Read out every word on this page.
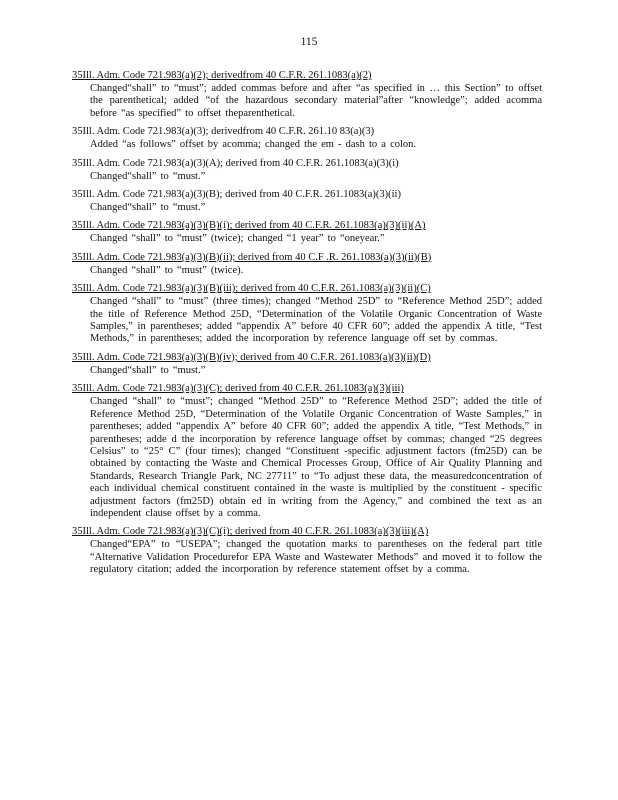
115
35Ill. Adm. Code 721.983(a)(2); derivedfrom 40 C.F.R. 261.1083(a)(2)
Changed“shall” to “must”; added commas before and after “as specified in … this Section” to offset the parenthetical; added “of the hazardous secondary material”after “knowledge”; added acomma before “as specified” to offset theparenthetical.
35Ill. Adm. Code 721.983(a)(3); derivedfrom 40 C.F.R. 261.10 83(a)(3)
Added “as follows” offset by acomma; changed the em - dash to a colon.
35Ill. Adm. Code 721.983(a)(3)(A); derived from 40 C.F.R. 261.1083(a)(3)(i)
Changed“shall” to “must.”
35Ill. Adm. Code 721.983(a)(3)(B); derived from 40 C.F.R. 261.1083(a)(3)(ii)
Changed“shall” to “must.”
35Ill. Adm. Code 721.983(a)(3)(B)(i); derived from 40 C.F.R. 261.1083(a)(3)(ii)(A)
Changed “shall” to “must” (twice); changed “1 year” to “oneyear.”
35Ill. Adm. Code 721.983(a)(3)(B)(ii); derived from 40 C.F .R. 261.1083(a)(3)(ii)(B)
Changed “shall” to “must” (twice).
35Ill. Adm. Code 721.983(a)(3)(B)(iii); derived from 40 C.F.R. 261.1083(a)(3)(ii)(C)
Changed “shall” to “must” (three times); changed “Method 25D” to “Reference Method 25D”; added the title of Reference Method 25D, “Determination of the Volatile Organic Concentration of Waste Samples,” in parentheses; added “appendix A” before 40 CFR 60”; added the appendix A title, “Test Methods,” in parentheses; added the incorporation by reference language off set by commas.
35Ill. Adm. Code 721.983(a)(3)(B)(iv); derived from 40 C.F.R. 261.1083(a)(3)(ii)(D)
Changed“shall” to “must.”
35Ill. Adm. Code 721.983(a)(3)(C); derived from 40 C.F.R. 261.1083(a)(3)(iii)
Changed “shall” to “must”; changed “Method 25D” to “Reference Method 25D”; added the title of Reference Method 25D, “Determination of the Volatile Organic Concentration of Waste Samples,” in parentheses; added “appendix A” before 40 CFR 60”; added the appendix A title, “Test Methods,” in parentheses; adde d the incorporation by reference language offset by commas; changed “25 degrees Celsius” to “25° C” (four times); changed “Constituent -specific adjustment factors (fm25D) can be obtained by contacting the Waste and Chemical Processes Group, Office of Air Quality Planning and Standards, Research Triangle Park, NC 27711” to “To adjust these data, the measuredconcentration of each individual chemical constituent contained in the waste is multiplied by the constituent - specific adjustment factors (fm25D) obtain ed in writing from the Agency,” and combined the text as an independent clause offset by a comma.
35Ill. Adm. Code 721.983(a)(3)(C)(i); derived from 40 C.F.R. 261.1083(a)(3)(iii)(A)
Changed“EPA” to “USEPA”; changed the quotation marks to parentheses on the federal part title “Alternative Validation Procedurefor EPA Waste and Wastewater Methods” and moved it to follow the regulatory citation; added the incorporation by reference statement offset by a comma.
